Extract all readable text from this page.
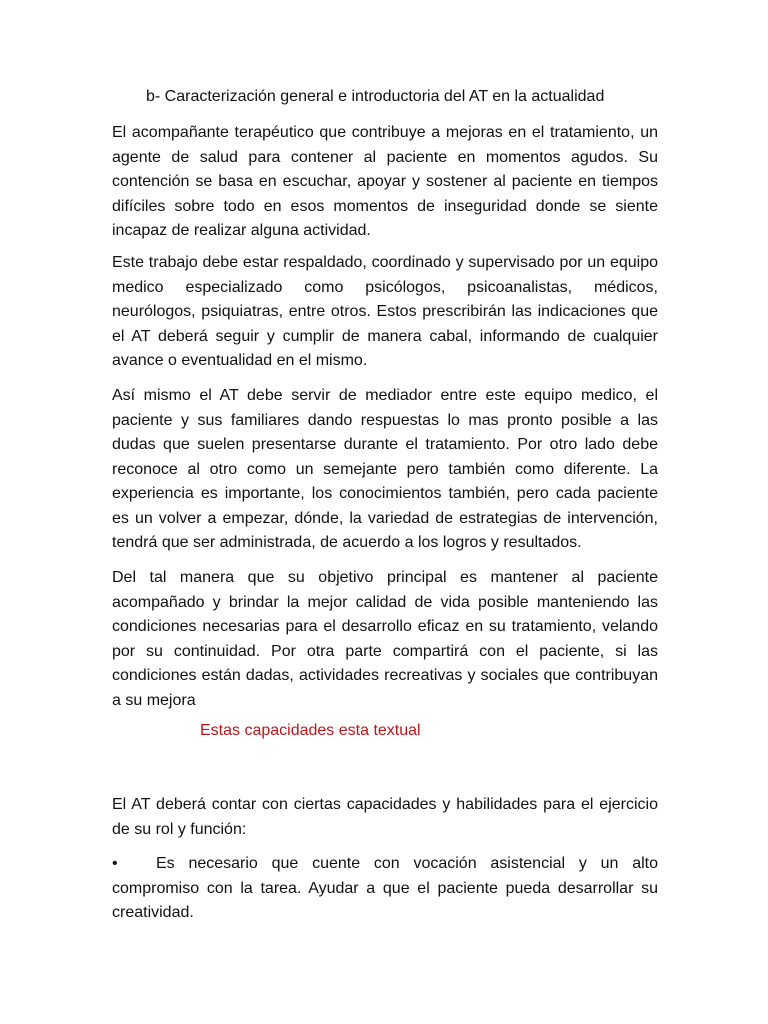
b- Caracterización general e introductoria del AT en la actualidad

El acompañante terapéutico que contribuye a mejoras en el tratamiento, un agente de salud para contener al paciente en momentos agudos. Su contención se basa en escuchar, apoyar y sostener al paciente en tiempos difíciles sobre todo en esos momentos de inseguridad donde se siente incapaz de realizar alguna actividad.

Este trabajo debe estar respaldado, coordinado y supervisado por un equipo medico especializado como psicólogos, psicoanalistas, médicos, neurólogos, psiquiatras, entre otros. Estos prescribirán las indicaciones que el AT deberá seguir y cumplir de manera cabal, informando de cualquier avance o eventualidad en el mismo.

Así mismo el AT debe servir de mediador entre este equipo medico, el paciente y sus familiares dando respuestas lo mas pronto posible a las dudas que suelen presentarse durante el tratamiento. Por otro lado debe reconoce al otro como un semejante pero también como diferente. La experiencia es importante, los conocimientos también, pero cada paciente es un volver a empezar, dónde, la variedad de estrategias de intervención, tendrá que ser administrada, de acuerdo a los logros y resultados.

Del tal manera que su objetivo principal es mantener al paciente acompañado y brindar la mejor calidad de vida posible manteniendo las condiciones necesarias para el desarrollo eficaz en su tratamiento, velando por su continuidad. Por otra parte compartirá con el paciente, si las condiciones están dadas, actividades recreativas y sociales que contribuyan a su mejora

Estas capacidades esta textual

El AT deberá contar con ciertas capacidades y habilidades para el ejercicio de su rol y función:

• Es necesario que cuente con vocación asistencial y un alto compromiso con la tarea. Ayudar a que el paciente pueda desarrollar su creatividad.
